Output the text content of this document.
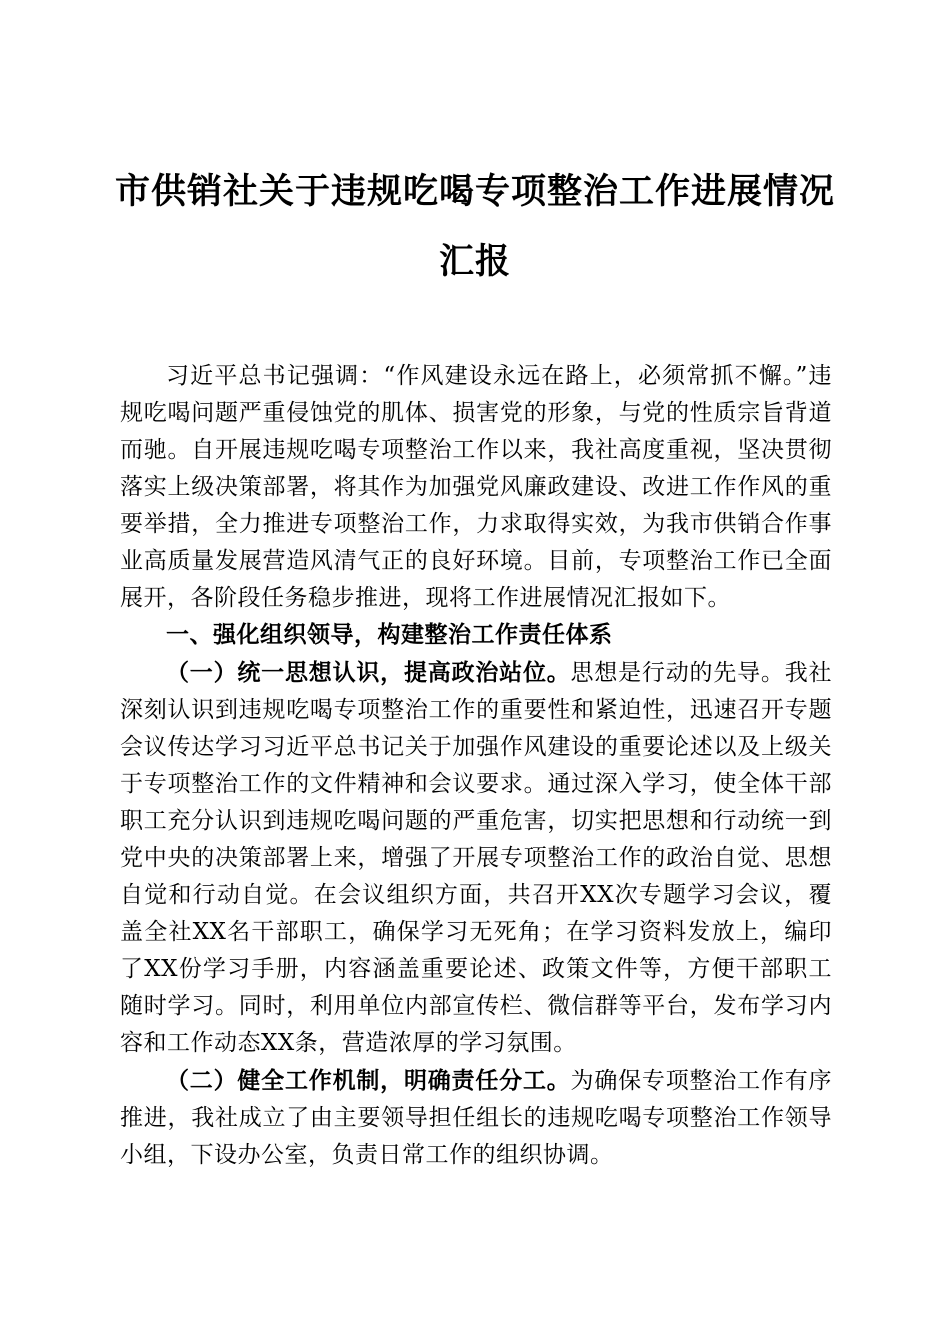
市供销社关于违规吃喝专项整治工作进展情况
汇报

习近平总书记强调：“作风建设永远在路上，必须常抓不懈。”违规吃喝问题严重侵蚀党的肌体、损害党的形象，与党的性质宗旨背道而驰。自开展违规吃喝专项整治工作以来，我社高度重视，坚决贯彻落实上级决策部署，将其作为加强党风廉政建设、改进工作作风的重要举措，全力推进专项整治工作，力求取得实效，为我市供销合作事业高质量发展营造风清气正的良好环境。目前，专项整治工作已全面展开，各阶段任务稳步推进，现将工作进展情况汇报如下。

一、强化组织领导，构建整治工作责任体系

（一）统一思想认识，提高政治站位。思想是行动的先导。我社深刻认识到违规吃喝专项整治工作的重要性和紧迫性，迅速召开专题会议传达学习习近平总书记关于加强作风建设的重要论述以及上级关于专项整治工作的文件精神和会议要求。通过深入学习，使全体干部职工充分认识到违规吃喝问题的严重危害，切实把思想和行动统一到党中央的决策部署上来，增强了开展专项整治工作的政治自觉、思想自觉和行动自觉。在会议组织方面，共召开XX次专题学习会议，覆盖全社XX名干部职工，确保学习无死角；在学习资料发放上，编印了XX份学习手册，内容涵盖重要论述、政策文件等，方便干部职工随时学习。同时，利用单位内部宣传栏、微信群等平台，发布学习内容和工作动态XX条，营造浓厚的学习氛围。

（二）健全工作机制，明确责任分工。为确保专项整治工作有序推进，我社成立了由主要领导担任组长的违规吃喝专项整治工作领导小组，下设办公室，负责日常工作的组织协调。
